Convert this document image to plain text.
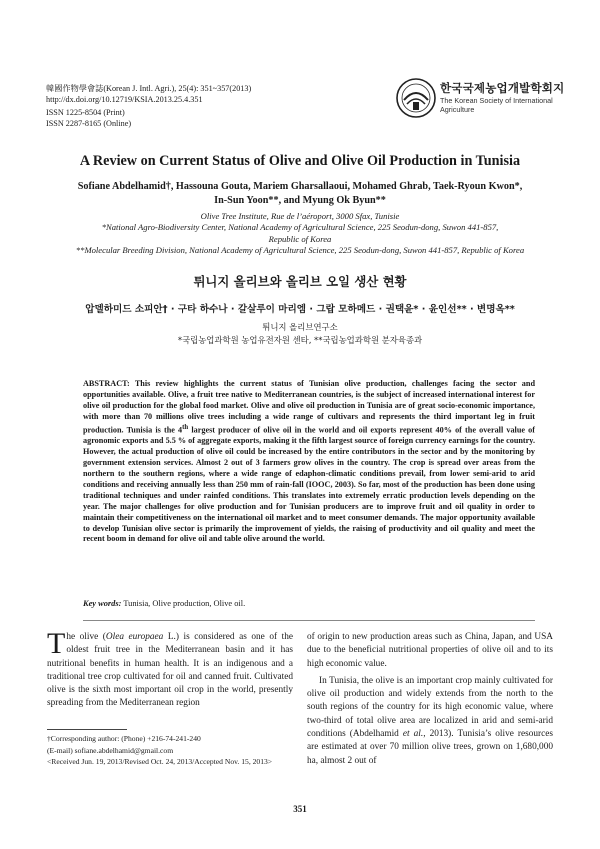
韓國作物學會誌(Korean J. Intl. Agri.), 25(4): 351~357(2013)
http://dx.doi.org/10.12719/KSIA.2013.25.4.351
ISSN 1225-8504 (Print)
ISSN 2287-8165 (Online)
한국국제농업개발학회지
The Korean Society of International
Agriculture
A Review on Current Status of Olive and Olive Oil Production in Tunisia
Sofiane Abdelhamid†, Hassouna Gouta, Mariem Gharsallaoui, Mohamed Ghrab, Taek-Ryoun Kwon*,
In-Sun Yoon**, and Myung Ok Byun**
Olive Tree Institute, Rue de l’aéroport, 3000 Sfax, Tunisie
*National Agro-Biodiversity Center, National Academy of Agricultural Science, 225 Seodun-dong, Suwon 441-857,
Republic of Korea
**Molecular Breeding Division, National Academy of Agricultural Science, 225 Seodun-dong, Suwon 441-857, Republic of Korea
튀니지 올리브와 올리브 오일 생산 현황
압델하미드 소피안† · 구타 하수나 · 갈살루이 마리엠 · 그랍 모하메드 · 권택윤* · 윤인선** · 변명옥**
튀니지 올리브연구소
*국립농업과학원 농업유전자원 센타, **국립농업과학원 분자육종과
ABSTRACT: This review highlights the current status of Tunisian olive production, challenges facing the sector and opportunities available. Olive, a fruit tree native to Mediterranean countries, is the subject of increased international interest for olive oil production for the global food market. Olive and olive oil production in Tunisia are of great socio-economic importance, with more than 70 millions olive trees including a wide range of cultivars and represents the third important leg in fruit production. Tunisia is the 4th largest producer of olive oil in the world and oil exports represent 40% of the overall value of agronomic exports and 5.5 % of aggregate exports, making it the fifth largest source of foreign currency earnings for the country. However, the actual production of olive oil could be increased by the entire contributors in the sector and by the monitoring by government extension services. Almost 2 out of 3 farmers grow olives in the country. The crop is spread over areas from the northern to the southern regions, where a wide range of edaphon-climatic conditions prevail, from lower semi-arid to arid conditions and receiving annually less than 250 mm of rain-fall (IOOC, 2003). So far, most of the production has been done using traditional techniques and under rainfed conditions. This translates into extremely erratic production levels depending on the year. The major challenges for olive production and for Tunisian producers are to improve fruit and oil quality in order to maintain their competitiveness on the international oil market and to meet consumer demands. The major opportunity available to develop Tunisian olive sector is primarily the improvement of yields, the raising of productivity and oil quality and meet the recent boom in demand for olive oil and table olive around the world.
Key words: Tunisia, Olive production, Olive oil.

The olive (Olea europaea L.) is considered as one of the oldest fruit tree in the Mediterranean basin and it has nutritional benefits in human health. It is an indigenous and a traditional tree crop cultivated for oil and canned fruit. Cultivated olive is the sixth most important oil crop in the world, presently spreading from the Mediterranean region

of origin to new production areas such as China, Japan, and USA due to the beneficial nutritional properties of olive oil and to its high economic value.

In Tunisia, the olive is an important crop mainly cultivated for olive oil production and widely extends from the north to the south regions of the country for its high economic value, where two-third of total olive area are localized in arid and semi-arid conditions (Abdelhamid et al., 2013). Tunisia’s olive resources are estimated at over 70 million olive trees, grown on 1,680,000 ha, almost 2 out of

†Corresponding author: (Phone) +216-74-241-240
(E-mail) sofiane.abdelhamid@gmail.com
<Received Jun. 19, 2013/Revised Oct. 24, 2013/Accepted Nov. 15, 2013>
351
